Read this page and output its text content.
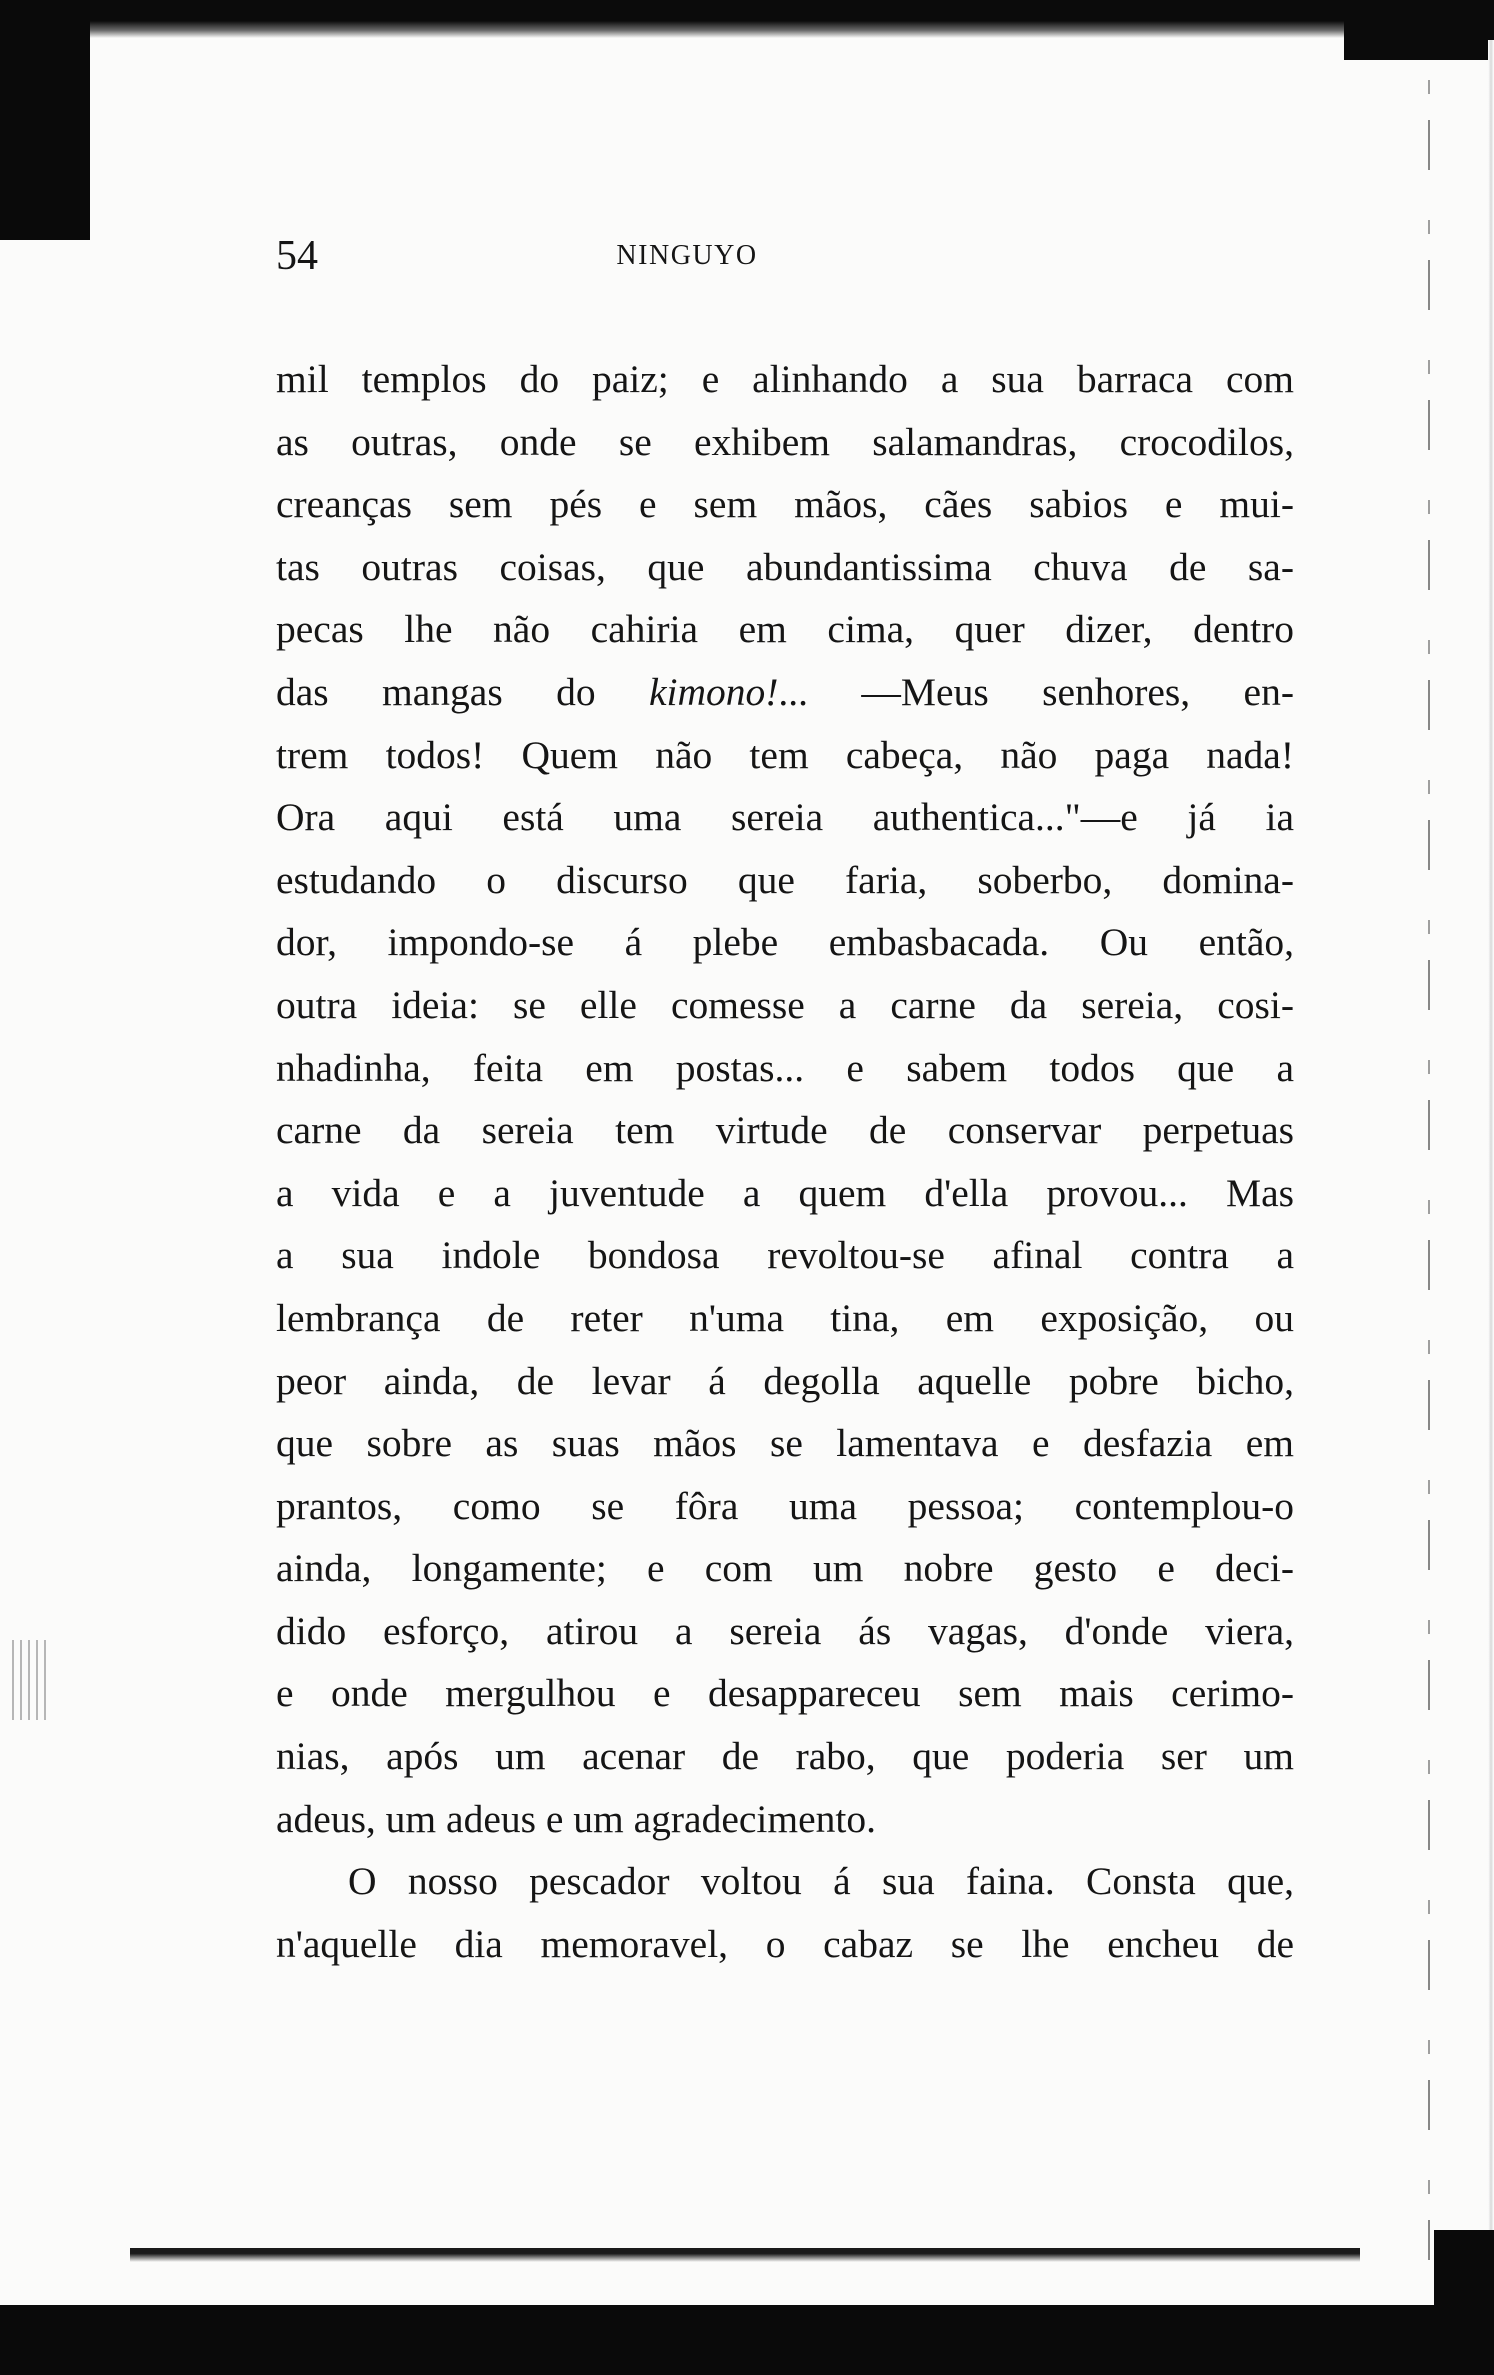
54	NINGUYO
mil templos do paiz; e alinhando a sua barraca com
as outras, onde se exhibem salamandras, crocodilos,
creanças sem pés e sem mãos, cães sabios e mui-
tas outras coisas, que abundantissima chuva de sa-
pecas lhe não cahiria em cima, quer dizer, dentro
das mangas do kimono!... —Meus senhores, en-
trem todos! Quem não tem cabeça, não paga nada!
Ora aqui está uma sereia authentica..."—e já ia
estudando o discurso que faria, soberbo, domina-
dor, impondo-se á plebe embasbacada. Ou então,
outra ideia: se elle comesse a carne da sereia, cosi-
nhadinha, feita em postas... e sabem todos que a
carne da sereia tem virtude de conservar perpetuas
a vida e a juventude a quem d'ella provou... Mas
a sua indole bondosa revoltou-se afinal contra a
lembrança de reter n'uma tina, em exposição, ou
peor ainda, de levar á degolla aquelle pobre bicho,
que sobre as suas mãos se lamentava e desfazia em
prantos, como se fôra uma pessoa; contemplou-o
ainda, longamente; e com um nobre gesto e deci-
dido esforço, atirou a sereia ás vagas, d'onde viera,
e onde mergulhou e desappareceu sem mais cerimo-
nias, após um acenar de rabo, que poderia ser um
adeus, um adeus e um agradecimento.
O nosso pescador voltou á sua faina. Consta que,
n'aquelle dia memoravel, o cabaz se lhe encheu de
